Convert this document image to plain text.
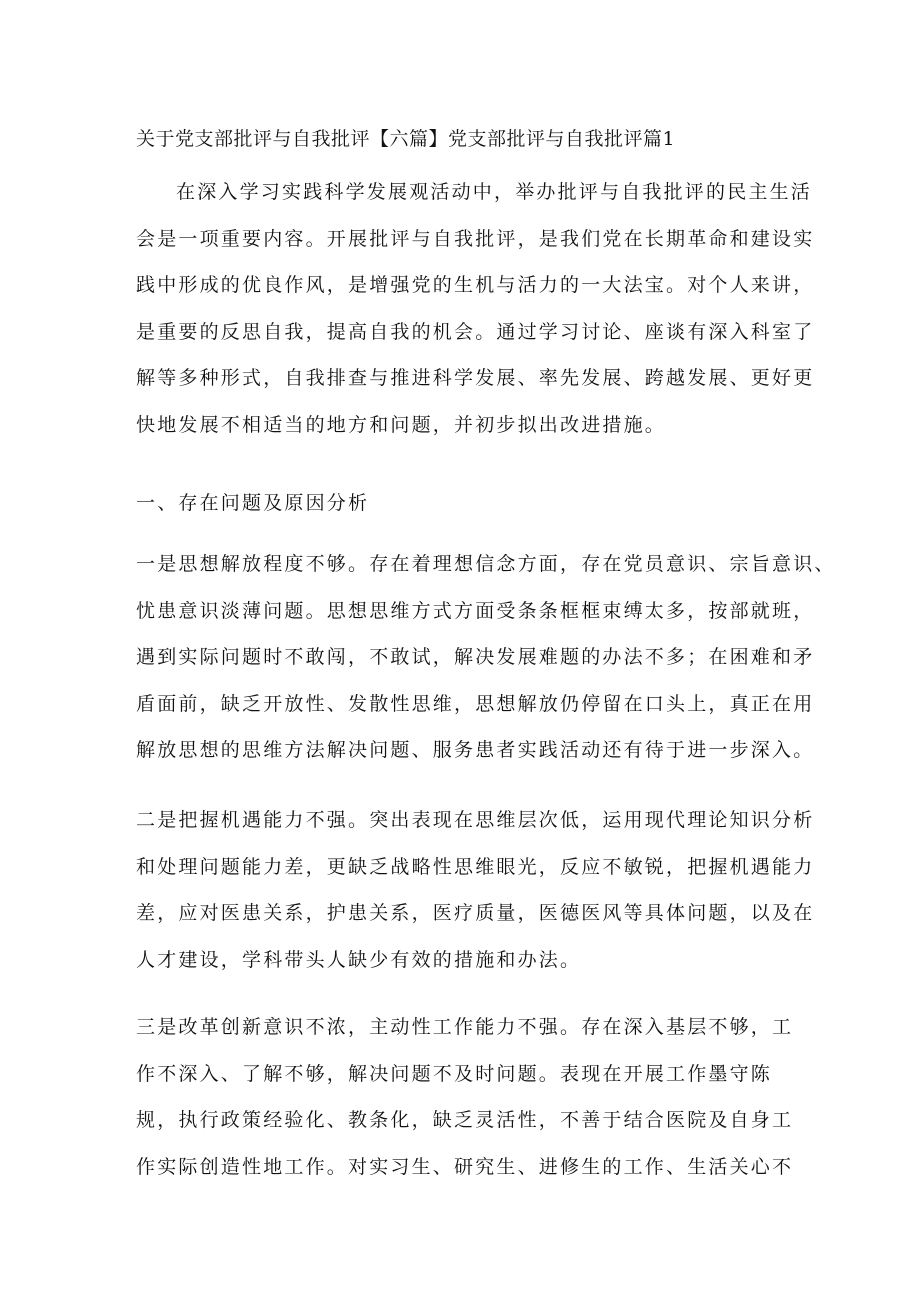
关于党支部批评与自我批评【六篇】党支部批评与自我批评篇1
在深入学习实践科学发展观活动中，举办批评与自我批评的民主生活
会是一项重要内容。开展批评与自我批评，是我们党在长期革命和建设实
践中形成的优良作风，是增强党的生机与活力的一大法宝。对个人来讲，
是重要的反思自我，提高自我的机会。通过学习讨论、座谈有深入科室了
解等多种形式，自我排查与推进科学发展、率先发展、跨越发展、更好更
快地发展不相适当的地方和问题，并初步拟出改进措施。
一、存在问题及原因分析
一是思想解放程度不够。存在着理想信念方面，存在党员意识、宗旨意识、
忧患意识淡薄问题。思想思维方式方面受条条框框束缚太多，按部就班，
遇到实际问题时不敢闯，不敢试，解决发展难题的办法不多；在困难和矛
盾面前，缺乏开放性、发散性思维，思想解放仍停留在口头上，真正在用
解放思想的思维方法解决问题、服务患者实践活动还有待于进一步深入。
二是把握机遇能力不强。突出表现在思维层次低，运用现代理论知识分析
和处理问题能力差，更缺乏战略性思维眼光，反应不敏锐，把握机遇能力
差，应对医患关系，护患关系，医疗质量，医德医风等具体问题，以及在
人才建设，学科带头人缺少有效的措施和办法。
三是改革创新意识不浓，主动性工作能力不强。存在深入基层不够，工
作不深入、了解不够，解决问题不及时问题。表现在开展工作墨守陈
规，执行政策经验化、教条化，缺乏灵活性，不善于结合医院及自身工
作实际创造性地工作。对实习生、研究生、进修生的工作、生活关心不
